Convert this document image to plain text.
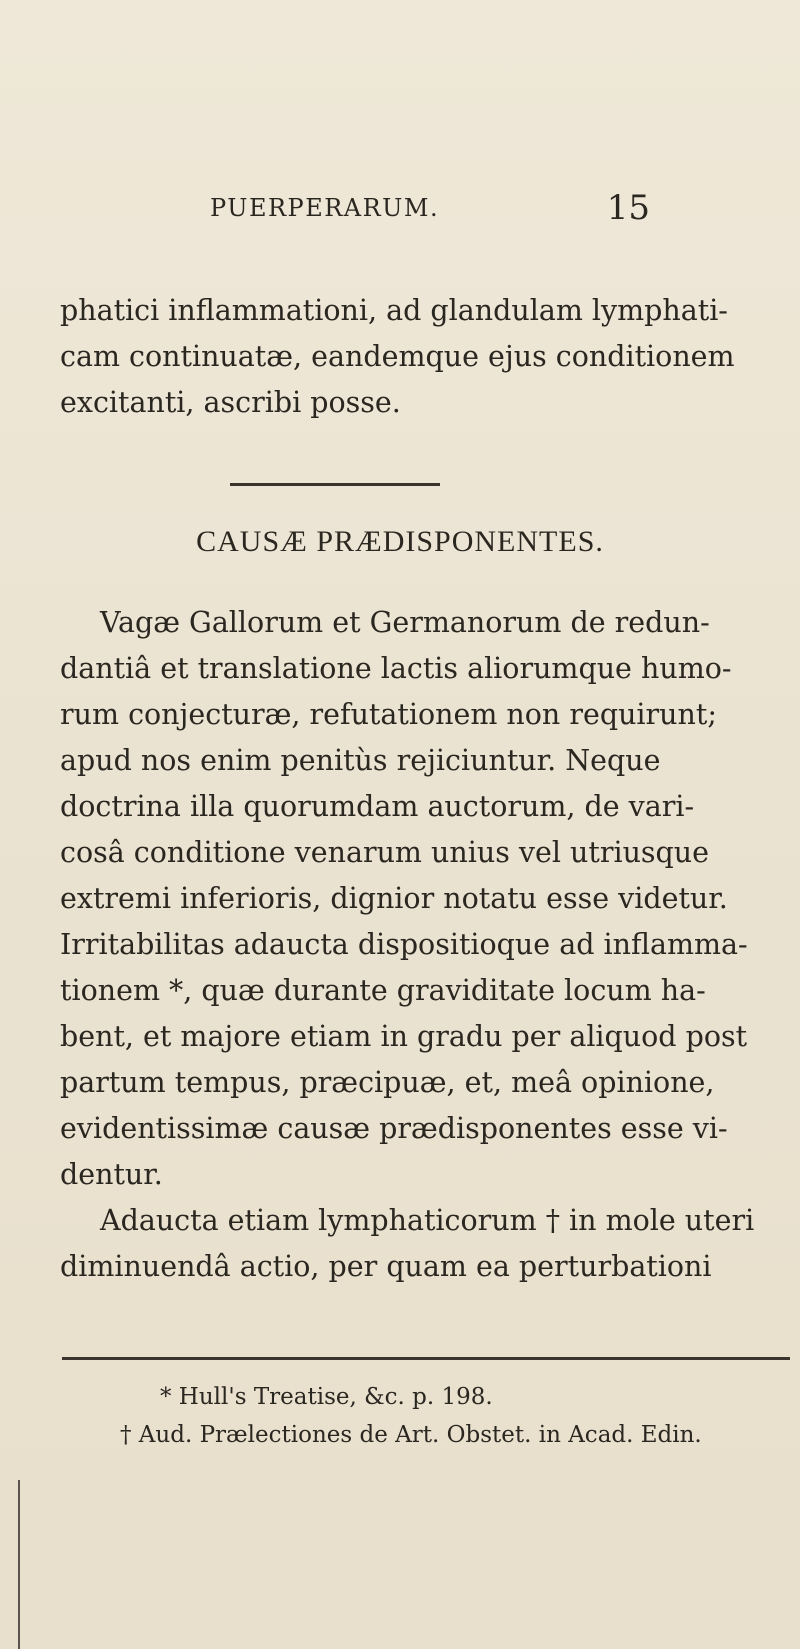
PUERPERARUM.	15
phatici inflammationi, ad glandulam lymphati-
cam continuatæ, eandemque ejus conditionem
excitanti, ascribi posse.
CAUSÆ PRÆDISPONENTES.
Vagæ Gallorum et Germanorum de redun-
dantiâ et translatione lactis aliorumque humo-
rum conjecturæ, refutationem non requirunt;
apud nos enim penitùs rejiciuntur. Neque
doctrina illa quorumdam auctorum, de vari-
cosâ conditione venarum unius vel utriusque
extremi inferioris, dignior notatu esse videtur.
Irritabilitas adaucta dispositioque ad inflamma-
tionem *, quæ durante graviditate locum ha-
bent, et majore etiam in gradu per aliquod post
partum tempus, præcipuæ, et, meâ opinione,
evidentissimæ causæ prædisponentes esse vi-
dentur.
Adaucta etiam lymphaticorum † in mole uteri
diminuendâ actio, per quam ea perturbationi
* Hull's Treatise, &c. p. 198.
† Aud. Prælectiones de Art. Obstet. in Acad. Edin.
